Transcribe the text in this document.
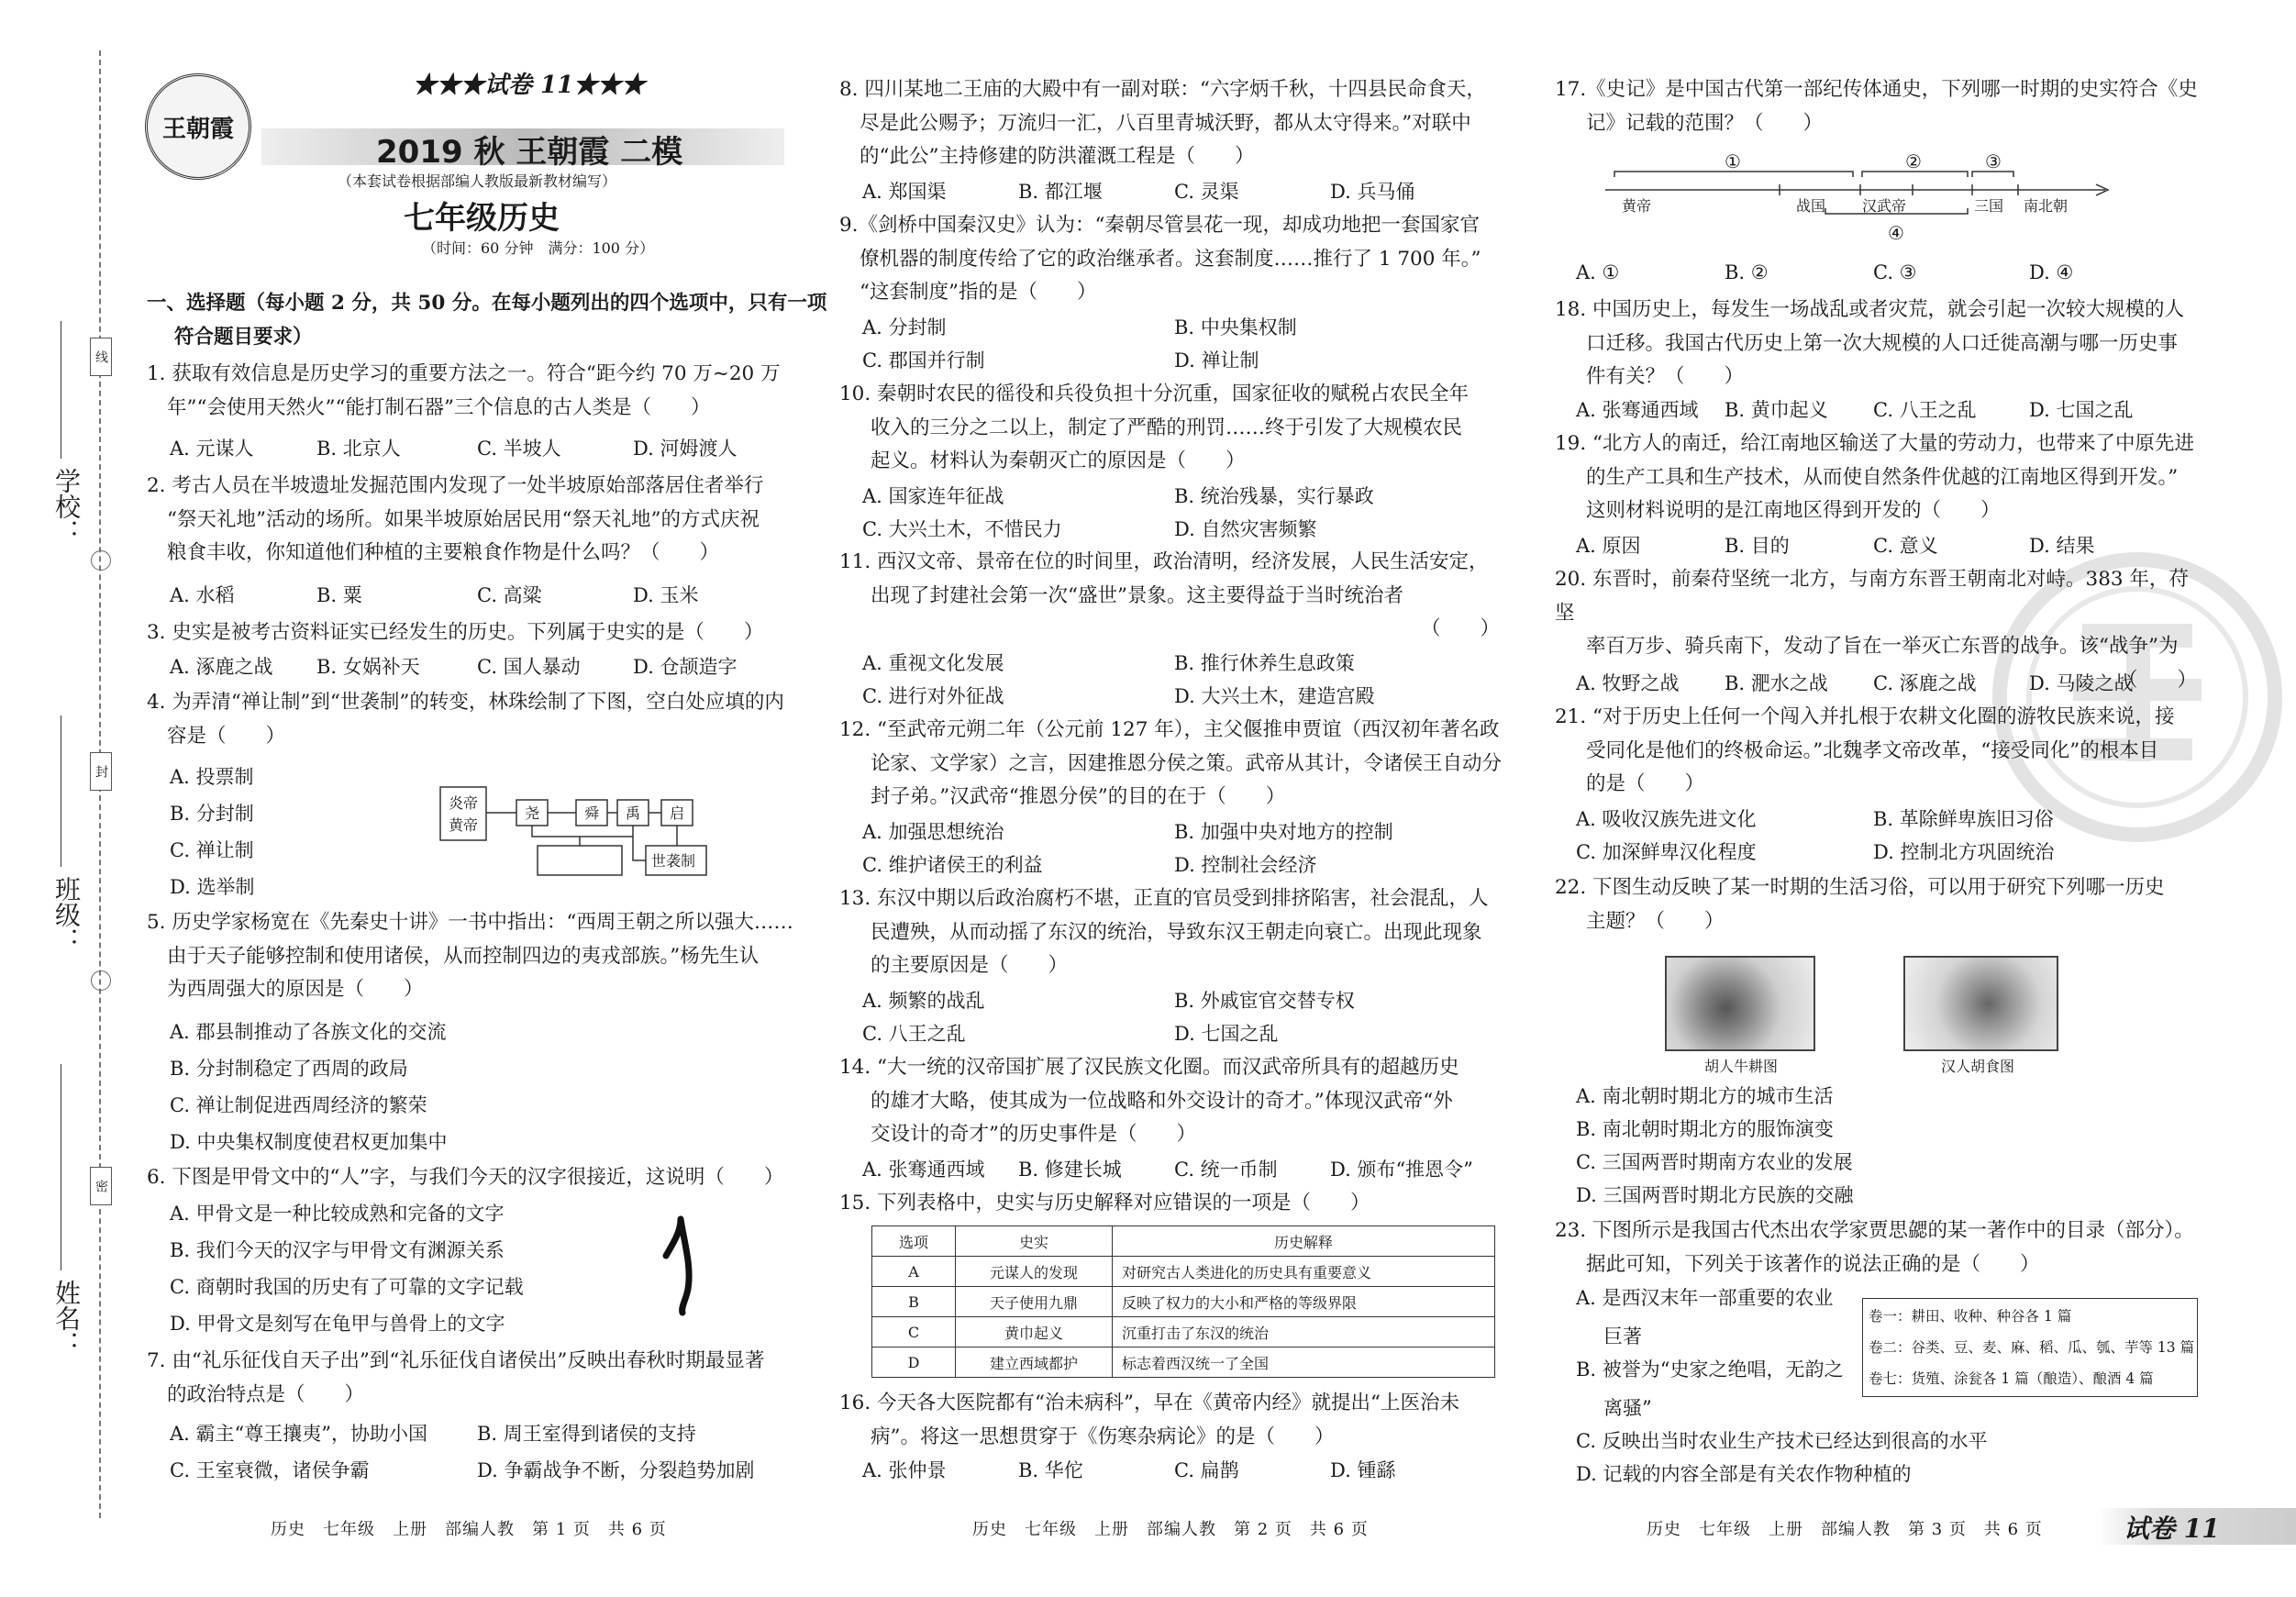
学校：
班级：
姓名：
线
封
密
王朝霞
★★★试卷 11★★★
2019 秋 王朝霞 二模
（本套试卷根据部编人教版最新教材编写）
七年级历史
（时间：60 分钟　满分：100 分）
一、选择题（每小题 2 分，共 50 分。在每小题列出的四个选项中，只有一项
符合题目要求）
1. 获取有效信息是历史学习的重要方法之一。符合“距今约 70 万~20 万
年”“会使用天然火”“能打制石器”三个信息的古人类是（　　）
A. 元谋人	B. 北京人	C. 半坡人	D. 河姆渡人
2. 考古人员在半坡遗址发掘范围内发现了一处半坡原始部落居住者举行
“祭天礼地”活动的场所。如果半坡原始居民用“祭天礼地”的方式庆祝
粮食丰收，你知道他们种植的主要粮食作物是什么吗？（　　）
A. 水稻	B. 粟	C. 高粱	D. 玉米
3. 史实是被考古资料证实已经发生的历史。下列属于史实的是（　　）
A. 涿鹿之战 B. 女娲补天	C. 国人暴动	D. 仓颉造字
4. 为弄清“禅让制”到“世袭制”的转变，林珠绘制了下图，空白处应填的内
容是（　　）
A. 投票制
B. 分封制
C. 禅让制
D. 选举制
炎帝
黄帝
尧	舜 禹 启
世袭制
5. 历史学家杨宽在《先秦史十讲》一书中指出：“西周王朝之所以强大……
由于天子能够控制和使用诸侯，从而控制四边的夷戎部族。”杨先生认
为西周强大的原因是（　　）
A. 郡县制推动了各族文化的交流
B. 分封制稳定了西周的政局
C. 禅让制促进西周经济的繁荣
D. 中央集权制度使君权更加集中
6. 下图是甲骨文中的“人”字，与我们今天的汉字很接近，这说明（　　）
A. 甲骨文是一种比较成熟和完备的文字
B. 我们今天的汉字与甲骨文有渊源关系
C. 商朝时我国的历史有了可靠的文字记载
D. 甲骨文是刻写在龟甲与兽骨上的文字
7. 由“礼乐征伐自天子出”到“礼乐征伐自诸侯出”反映出春秋时期最显著
的政治特点是（　　）
A. 霸主“尊王攘夷”，协助小国	B. 周王室得到诸侯的支持
C. 王室衰微，诸侯争霸	D. 争霸战争不断，分裂趋势加剧
8. 四川某地二王庙的大殿中有一副对联：“六字炳千秋，十四县民命食天，
尽是此公赐予；万流归一汇，八百里青城沃野，都从太守得来。”对联中
的“此公”主持修建的防洪灌溉工程是（　　）
A. 郑国渠	B. 都江堰	C. 灵渠	D. 兵马俑
9.《剑桥中国秦汉史》认为：“秦朝尽管昙花一现，却成功地把一套国家官
僚机器的制度传给了它的政治继承者。这套制度……推行了 1 700 年。”
“这套制度”指的是（　　）
A. 分封制	B. 中央集权制
C. 郡国并行制	D. 禅让制
10. 秦朝时农民的徭役和兵役负担十分沉重，国家征收的赋税占农民全年
收入的三分之二以上，制定了严酷的刑罚……终于引发了大规模农民
起义。材料认为秦朝灭亡的原因是（　　）
A. 国家连年征战	B. 统治残暴，实行暴政
C. 大兴土木，不惜民力	D. 自然灾害频繁
11. 西汉文帝、景帝在位的时间里，政治清明，经济发展，人民生活安定，
出现了封建社会第一次“盛世”景象。这主要得益于当时统治者
（　　）
A. 重视文化发展	B. 推行休养生息政策
C. 进行对外征战	D. 大兴土木，建造宫殿
12. “至武帝元朔二年（公元前 127 年），主父偃推申贾谊（西汉初年著名政
论家、文学家）之言，因建推恩分侯之策。武帝从其计，令诸侯王自动分
封子弟。”汉武帝“推恩分侯”的目的在于（　　）
A. 加强思想统治	B. 加强中央对地方的控制
C. 维护诸侯王的利益	D. 控制社会经济
13. 东汉中期以后政治腐朽不堪，正直的官员受到排挤陷害，社会混乱，人
民遭殃，从而动摇了东汉的统治，导致东汉王朝走向衰亡。出现此现象
的主要原因是（　　）
A. 频繁的战乱	B. 外戚宦官交替专权
C. 八王之乱	D. 七国之乱
14. “大一统的汉帝国扩展了汉民族文化圈。而汉武帝所具有的超越历史
的雄才大略，使其成为一位战略和外交设计的奇才。”体现汉武帝“外
交设计的奇才”的历史事件是（　　）
A. 张骞通西域 B. 修建长城	C. 统一币制	D. 颁布“推恩令”
15. 下列表格中，史实与历史解释对应错误的一项是（　　）
选项	史实	历史解释
A	元谋人的发现	对研究古人类进化的历史具有重要意义
B	天子使用九鼎	反映了权力的大小和严格的等级界限
C	黄巾起义	沉重打击了东汉的统治
D	建立西域都护	标志着西汉统一了全国
16. 今天各大医院都有“治未病科”，早在《黄帝内经》就提出“上医治未
病”。将这一思想贯穿于《伤寒杂病论》的是（　　）
A. 张仲景	B. 华佗	C. 扁鹊	D. 锺繇
17.《史记》是中国古代第一部纪传体通史，下列哪一时期的史实符合《史
记》记载的范围？（　　）
①	②	③
④
黄帝	战国 汉武帝	三国 南北朝
A. ①	B. ②	C. ③	D. ④
18. 中国历史上，每发生一场战乱或者灾荒，就会引起一次较大规模的人
口迁移。我国古代历史上第一次大规模的人口迁徙高潮与哪一历史事
件有关？（　　）
A. 张骞通西域 B. 黄巾起义 C. 八王之乱	D. 七国之乱
19. “北方人的南迁，给江南地区输送了大量的劳动力，也带来了中原先进
的生产工具和生产技术，从而使自然条件优越的江南地区得到开发。”
这则材料说明的是江南地区得到开发的（　　）
A. 原因	B. 目的	C. 意义	D. 结果
20. 东晋时，前秦苻坚统一北方，与南方东晋王朝南北对峙。383 年，苻坚
率百万步、骑兵南下，发动了旨在一举灭亡东晋的战争。该“战争”为
（　　）
A. 牧野之战 B. 淝水之战 C. 涿鹿之战	D. 马陵之战
21. “对于历史上任何一个闯入并扎根于农耕文化圈的游牧民族来说，接
受同化是他们的终极命运。”北魏孝文帝改革，“接受同化”的根本目
的是（　　）
A. 吸收汉族先进文化	B. 革除鲜卑族旧习俗
C. 加深鲜卑汉化程度	D. 控制北方巩固统治
22. 下图生动反映了某一时期的生活习俗，可以用于研究下列哪一历史
主题？（　　）
胡人牛耕图	汉人胡食图
A. 南北朝时期北方的城市生活
B. 南北朝时期北方的服饰演变
C. 三国两晋时期南方农业的发展
D. 三国两晋时期北方民族的交融
23. 下图所示是我国古代杰出农学家贾思勰的某一著作中的目录（部分）。
据此可知，下列关于该著作的说法正确的是（　　）
A. 是西汉末年一部重要的农业
巨著
B. 被誉为“史家之绝唱，无韵之
离骚”
卷一：耕田、收种、种谷各 1 篇
卷二：谷类、豆、麦、麻、稻、瓜、瓠、芋等 13 篇
卷七：货殖、涂瓮各 1 篇（酿造）、酿酒 4 篇
C. 反映出当时农业生产技术已经达到很高的水平
D. 记载的内容全部是有关农作物种植的
历史　七年级　上册　部编人教　第 1 页　共 6 页	历史　七年级　上册　部编人教　第 2 页　共 6 页	历史　七年级　上册　部编人教　第 3 页　共 6 页	试卷 11
